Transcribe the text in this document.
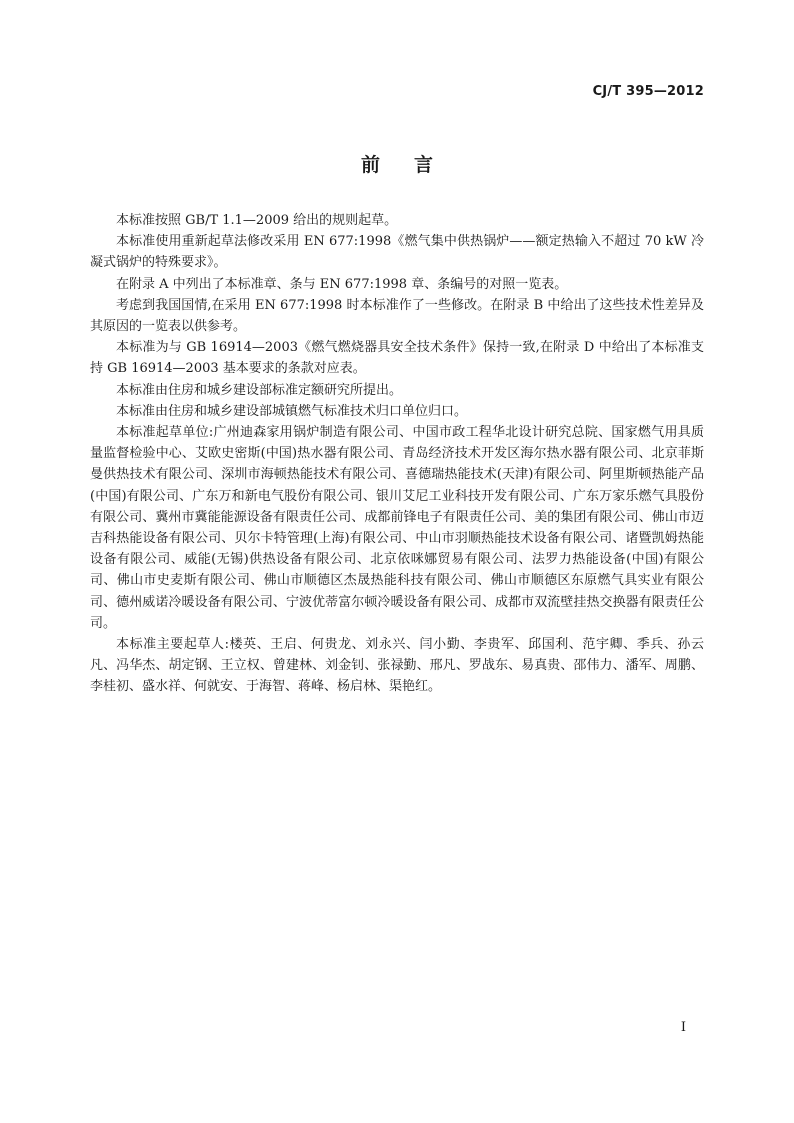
CJ/T 395—2012
前言

本标准按照 GB/T 1.1—2009 给出的规则起草。

本标准使用重新起草法修改采用 EN 677:1998《燃气集中供热锅炉——额定热输入不超过 70 kW 冷凝式锅炉的特殊要求》。

在附录 A 中列出了本标准章、条与 EN 677:1998 章、条编号的对照一览表。

考虑到我国国情,在采用 EN 677:1998 时本标准作了一些修改。在附录 B 中给出了这些技术性差异及其原因的一览表以供参考。

本标准为与 GB 16914—2003《燃气燃烧器具安全技术条件》保持一致,在附录 D 中给出了本标准支持 GB 16914—2003 基本要求的条款对应表。

本标准由住房和城乡建设部标准定额研究所提出。

本标准由住房和城乡建设部城镇燃气标准技术归口单位归口。

本标准起草单位:广州迪森家用锅炉制造有限公司、中国市政工程华北设计研究总院、国家燃气用具质量监督检验中心、艾欧史密斯(中国)热水器有限公司、青岛经济技术开发区海尔热水器有限公司、北京菲斯曼供热技术有限公司、深圳市海顿热能技术有限公司、喜德瑞热能技术(天津)有限公司、阿里斯顿热能产品(中国)有限公司、广东万和新电气股份有限公司、银川艾尼工业科技开发有限公司、广东万家乐燃气具股份有限公司、冀州市冀能能源设备有限责任公司、成都前锋电子有限责任公司、美的集团有限公司、佛山市迈吉科热能设备有限公司、贝尔卡特管理(上海)有限公司、中山市羽顺热能技术设备有限公司、诸暨凯姆热能设备有限公司、威能(无锡)供热设备有限公司、北京依咪娜贸易有限公司、法罗力热能设备(中国)有限公司、佛山市史麦斯有限公司、佛山市顺德区杰晟热能科技有限公司、佛山市顺德区东原燃气具实业有限公司、德州威诺冷暖设备有限公司、宁波优蒂富尔顿冷暖设备有限公司、成都市双流壁挂热交换器有限责任公司。

本标准主要起草人:楼英、王启、何贵龙、刘永兴、闫小勤、李贵军、邱国利、范宇卿、季兵、孙云凡、冯华杰、胡定钢、王立权、曾建林、刘金钊、张禄勤、邢凡、罗战东、易真贵、邵伟力、潘军、周鹏、李桂初、盛水祥、何就安、于海智、蒋峰、杨启林、渠艳红。

I
